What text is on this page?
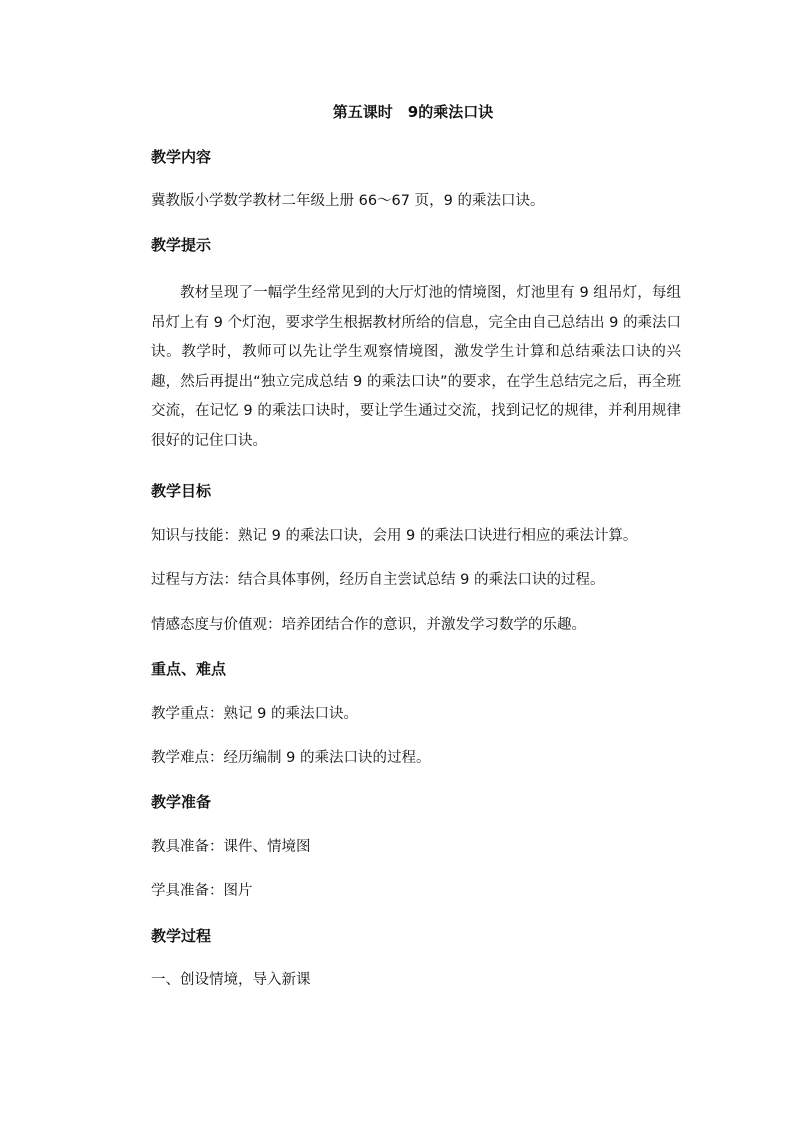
第五课时　9的乘法口诀
教学内容
冀教版小学数学教材二年级上册 66～67 页，9 的乘法口诀。
教学提示

教材呈现了一幅学生经常见到的大厅灯池的情境图，灯池里有 9 组吊灯，每组吊灯上有 9 个灯泡，要求学生根据教材所给的信息，完全由自己总结出 9 的乘法口诀。教学时，教师可以先让学生观察情境图，激发学生计算和总结乘法口诀的兴趣，然后再提出“独立完成总结 9 的乘法口诀”的要求，在学生总结完之后，再全班交流，在记忆 9 的乘法口诀时，要让学生通过交流，找到记忆的规律，并利用规律很好的记住口诀。

教学目标
知识与技能：熟记 9 的乘法口诀，会用 9 的乘法口诀进行相应的乘法计算。
过程与方法：结合具体事例，经历自主尝试总结 9 的乘法口诀的过程。
情感态度与价值观：培养团结合作的意识，并激发学习数学的乐趣。
重点、难点
教学重点：熟记 9 的乘法口诀。
教学难点：经历编制 9 的乘法口诀的过程。
教学准备
教具准备：课件、情境图
学具准备：图片
教学过程
一、创设情境，导入新课
